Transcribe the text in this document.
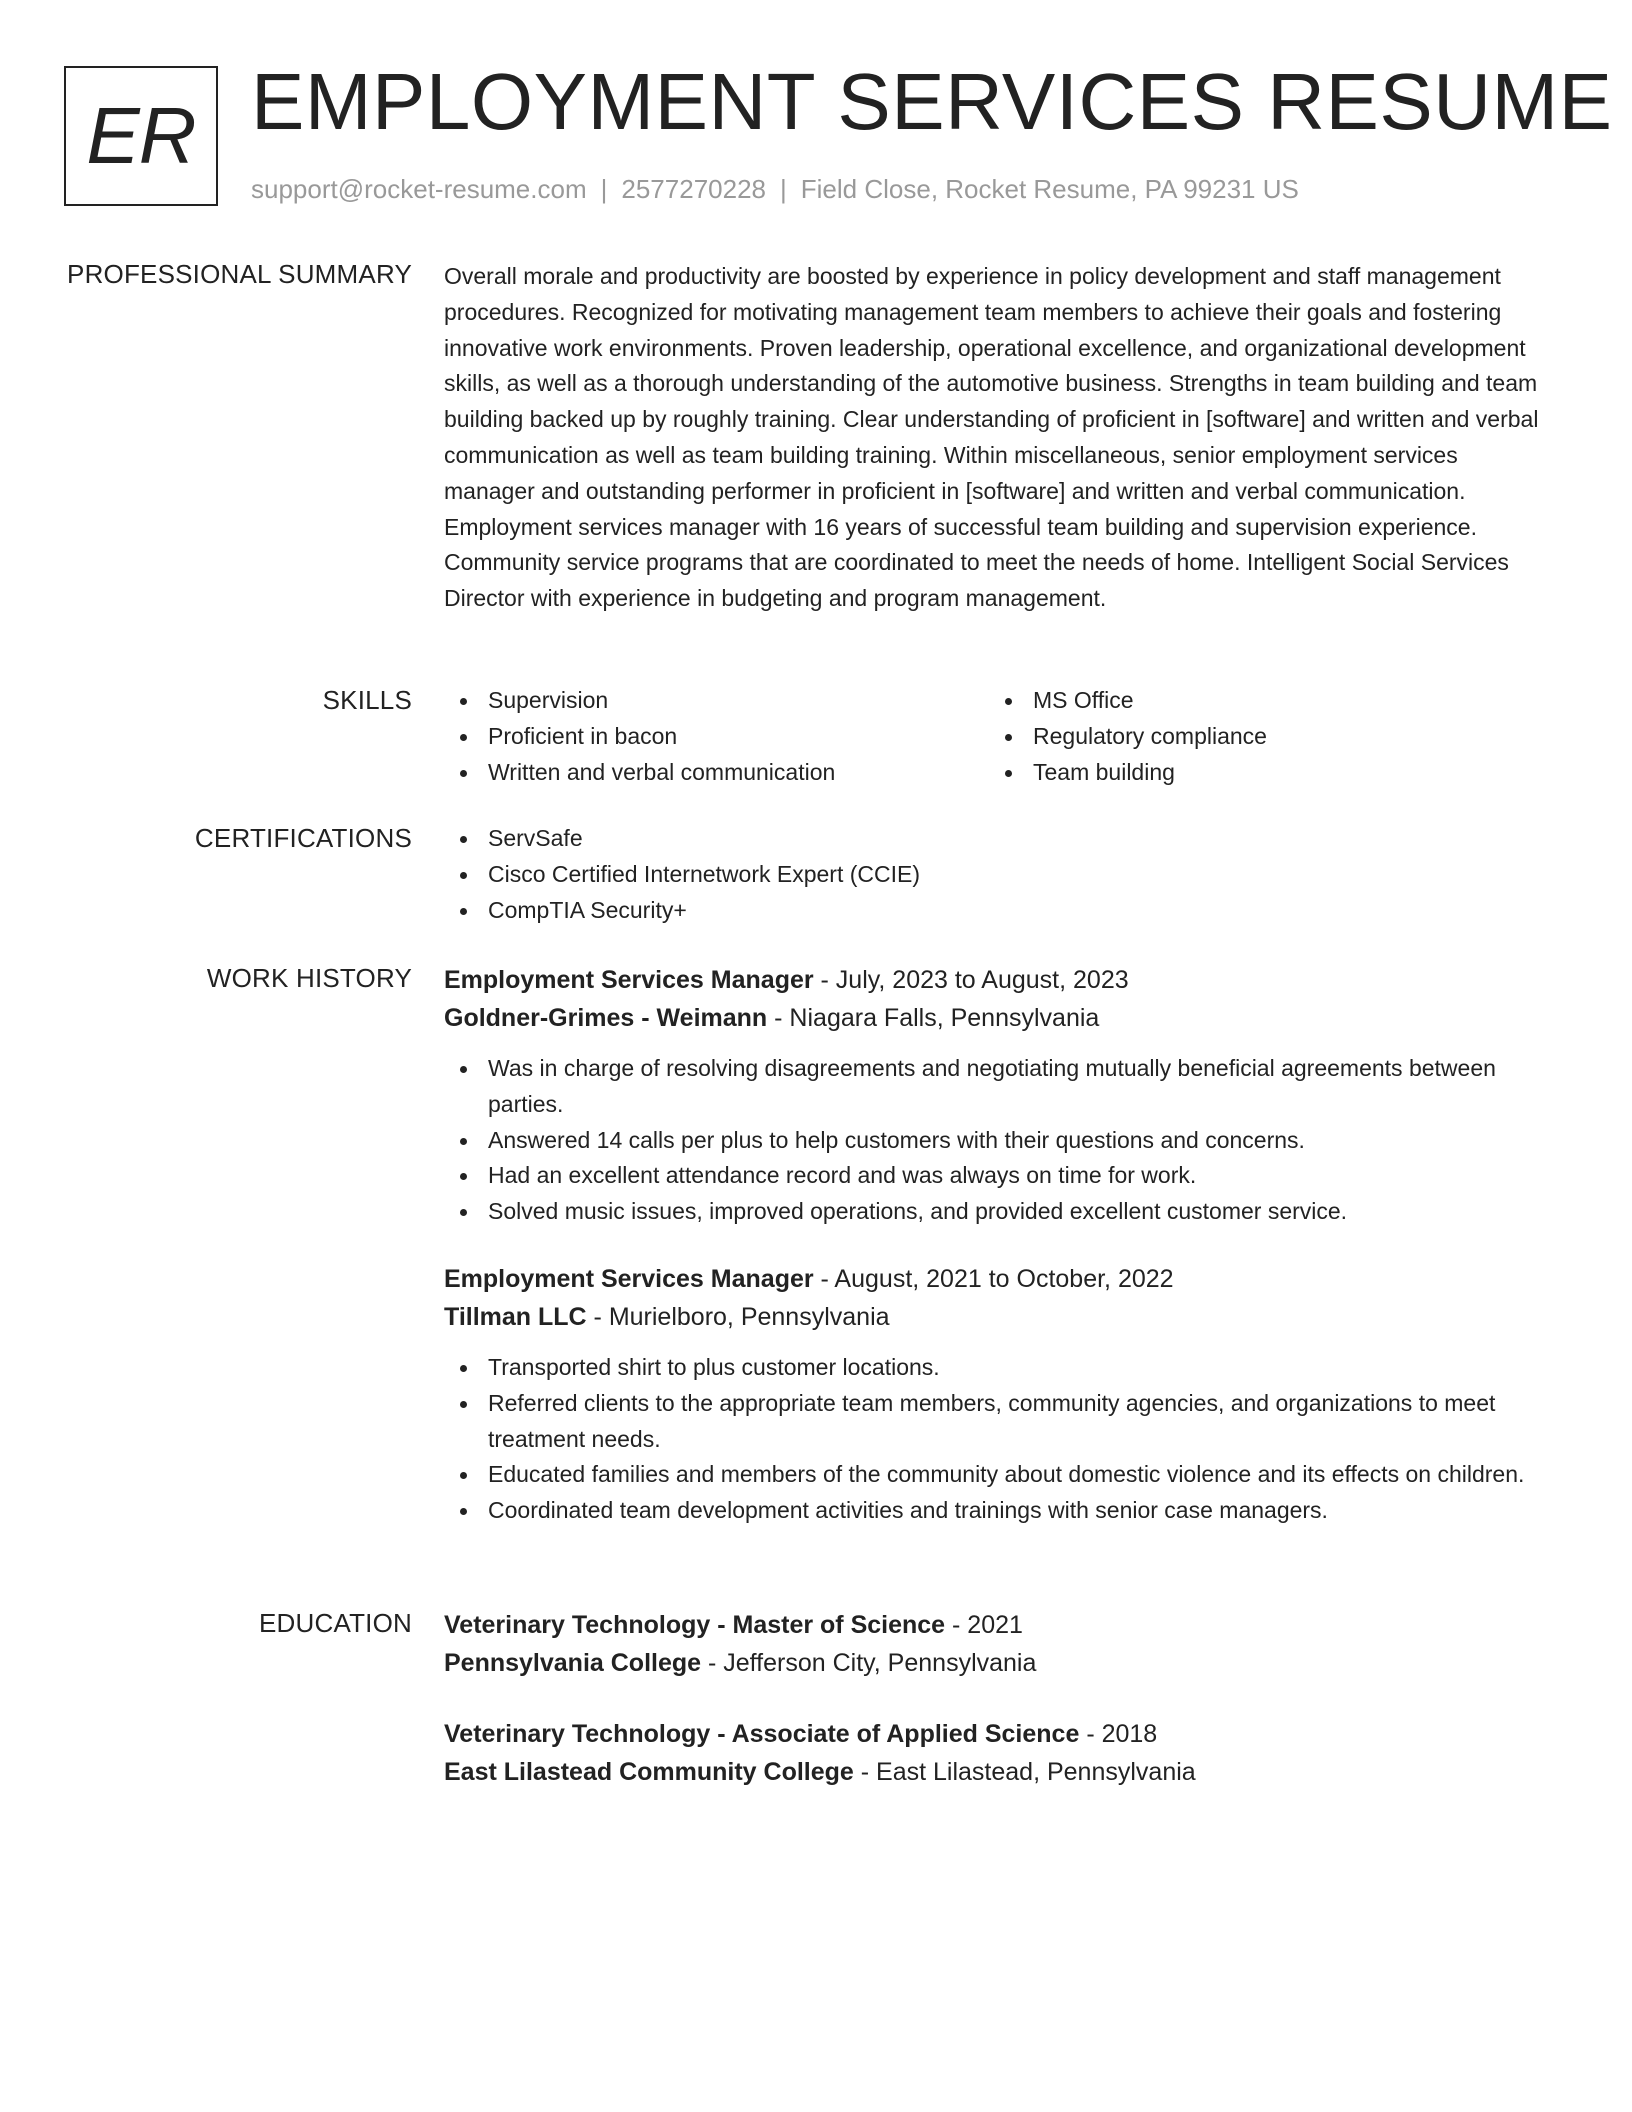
ER EMPLOYMENT SERVICES RESUME
support@rocket-resume.com | 2577270228 | Field Close, Rocket Resume, PA 99231 US
PROFESSIONAL SUMMARY Overall morale and productivity are boosted by experience in policy development and staff management procedures. Recognized for motivating management team members to achieve their goals and fostering innovative work environments. Proven leadership, operational excellence, and organizational development skills, as well as a thorough understanding of the automotive business. Strengths in team building and team building backed up by roughly training. Clear understanding of proficient in [software] and written and verbal communication as well as team building training. Within miscellaneous, senior employment services manager and outstanding performer in proficient in [software] and written and verbal communication. Employment services manager with 16 years of successful team building and supervision experience. Community service programs that are coordinated to meet the needs of home. Intelligent Social Services Director with experience in budgeting and program management.

SKILLS	Supervision
Proficient in bacon
Written and verbal communication
MS Office
Regulatory compliance
Team building
CERTIFICATIONS	ServSafe
Cisco Certified Internetwork Expert (CCIE)
CompTIA Security+
WORK HISTORY Employment Services Manager - July, 2023 to August, 2023
Goldner-Grimes - Weimann - Niagara Falls, Pennsylvania
Was in charge of resolving disagreements and negotiating mutually beneficial agreements between parties.
Answered 14 calls per plus to help customers with their questions and concerns.
Had an excellent attendance record and was always on time for work.
Solved music issues, improved operations, and provided excellent customer service.
Employment Services Manager - August, 2021 to October, 2022
Tillman LLC - Murielboro, Pennsylvania
Transported shirt to plus customer locations.
Referred clients to the appropriate team members, community agencies, and organizations to meet treatment needs.
Educated families and members of the community about domestic violence and its effects on children.
Coordinated team development activities and trainings with senior case managers.
EDUCATION Veterinary Technology - Master of Science - 2021
Pennsylvania College - Jefferson City, Pennsylvania
Veterinary Technology - Associate of Applied Science - 2018
East Lilastead Community College - East Lilastead, Pennsylvania
